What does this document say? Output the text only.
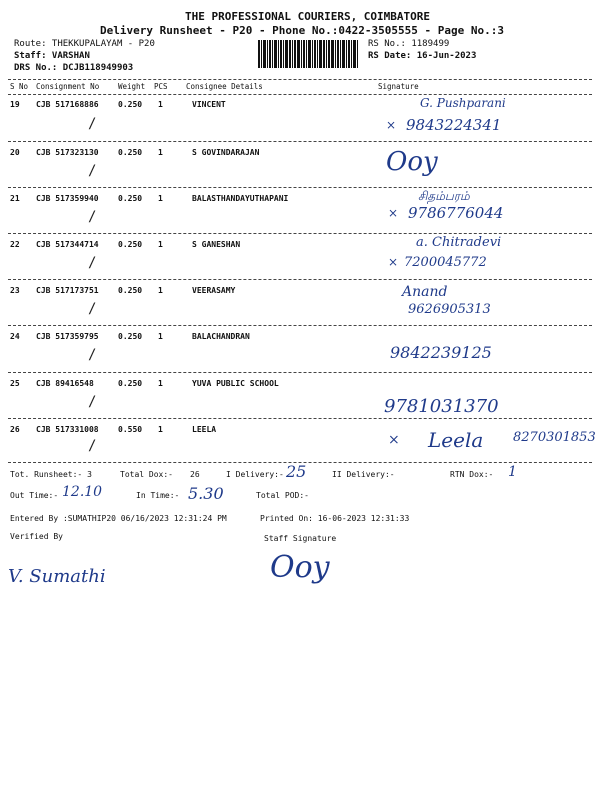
THE PROFESSIONAL COURIERS, COIMBATORE
Delivery Runsheet - P20 - Phone No.:0422-3505555 - Page No.:3
Route: THEKKUPALAYAM - P20
Staff: VARSHAN
DRS No.: DCJB118949903
RS No.: 1189499
RS Date: 16-Jun-2023
S No Consignment No	Weight PCS Consignee Details	Signature
19 CJB 517168886 0.250 1	VINCENT
/
G. Pushparani
× 9843224341
20 CJB 517323130 0.250 1	S GOVINDARAJAN
/	Ooy
21 CJB 517359940 0.250 1	BALASTHANDAYUTHAPANI
/
சிதம்பரம்
× 9786776044
22 CJB 517344714 0.250 1	S GANESHAN
/
a. Chitradevi
× 7200045772
23 CJB 517173751 0.250 1	VEERASAMY
/
Anand
9626905313
24 CJB 517359795 0.250 1	BALACHANDRAN
/	9842239125
25 CJB 89416548	0.250 1	YUVA PUBLIC SCHOOL
/	9781031370
26 CJB 517331008 0.550 1	LEELA
/	× Leela 8270301853
Tot. Runsheet:- 3	Total Dox:- 26	I Delivery:- 25	II Delivery:-	RTN Dox:- 1
Out Time:- 12.10	In Time:- 5.30	Total POD:-
Entered By :SUMATHIP20 06/16/2023 12:31:24 PM	Printed On: 16-06-2023 12:31:33
Verified By	Staff Signature
V. Sumathi	Ooy
